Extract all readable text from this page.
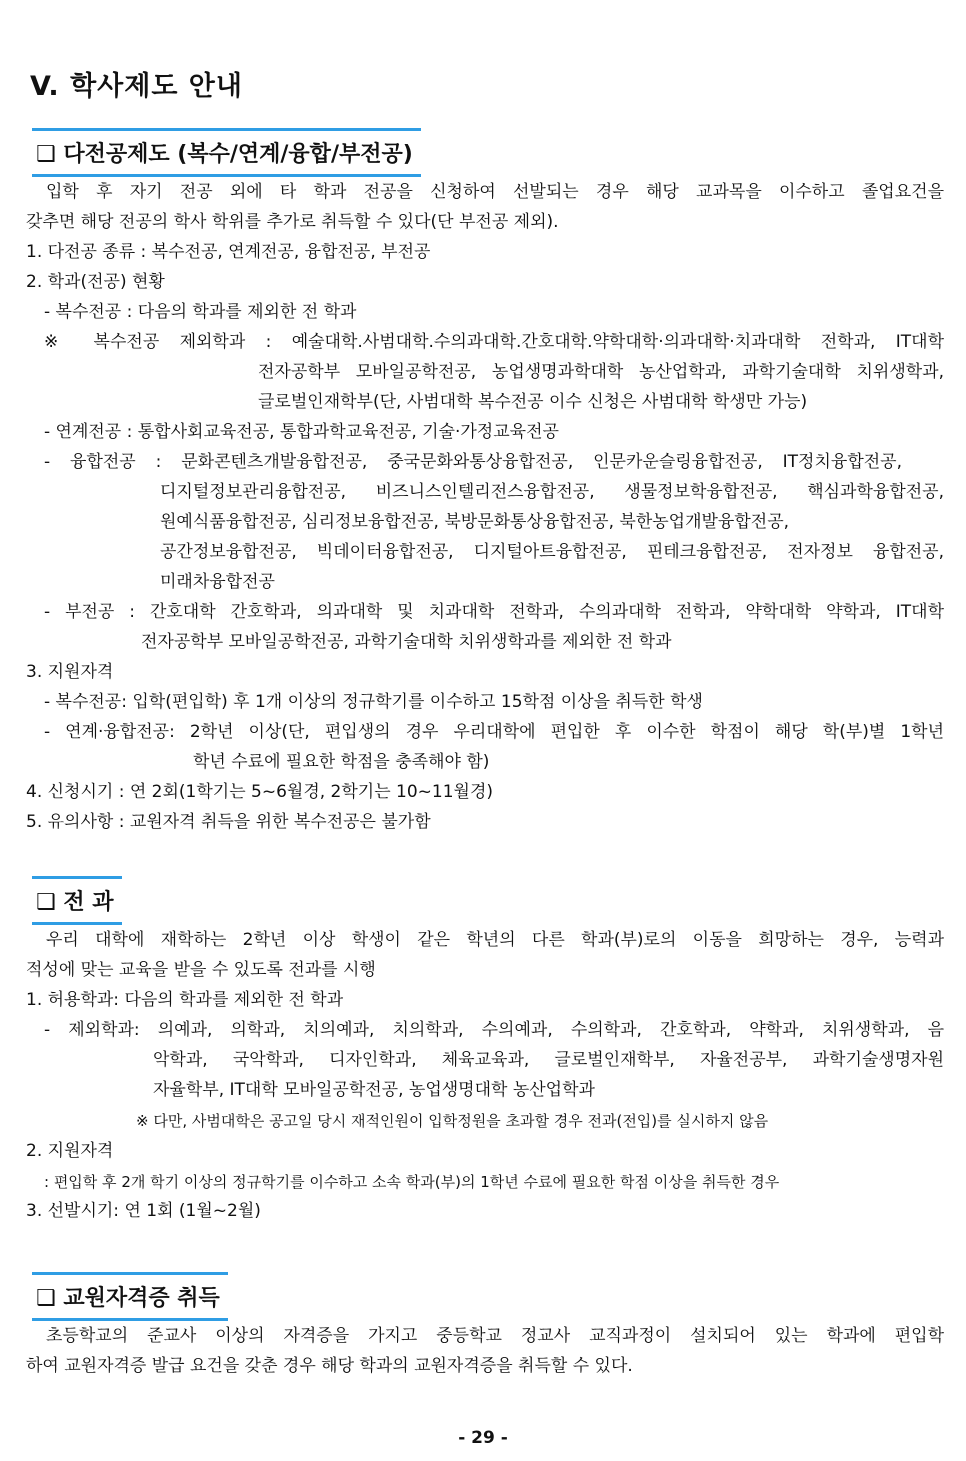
V. 학사제도 안내
❑ 다전공제도 (복수/연계/융합/부전공)
입학 후 자기 전공 외에 타 학과 전공을 신청하여 선발되는 경우 해당 교과목을 이수하고 졸업요건을
갖추면 해당 전공의 학사 학위를 추가로 취득할 수 있다(단 부전공 제외).
1. 다전공 종류 : 복수전공, 연계전공, 융합전공, 부전공
2. 학과(전공) 현황
- 복수전공 : 다음의 학과를 제외한 전 학과
※ 복수전공 제외학과 : 예술대학.사범대학.수의과대학.간호대학.약학대학·의과대학·치과대학 전학과, IT대학
전자공학부 모바일공학전공, 농업생명과학대학 농산업학과, 과학기술대학 치위생학과,
글로벌인재학부(단, 사범대학 복수전공 이수 신청은 사범대학 학생만 가능)
- 연계전공 : 통합사회교육전공, 통합과학교육전공, 기술·가정교육전공
- 융합전공 : 문화콘텐츠개발융합전공, 중국문화와통상융합전공, 인문카운슬링융합전공, IT정치융합전공,
디지털정보관리융합전공, 비즈니스인텔리전스융합전공, 생물정보학융합전공, 핵심과학융합전공,
원예식품융합전공, 심리정보융합전공, 북방문화통상융합전공, 북한농업개발융합전공,
공간정보융합전공, 빅데이터융합전공, 디지털아트융합전공, 핀테크융합전공, 전자정보 융합전공,
미래차융합전공
- 부전공 : 간호대학 간호학과, 의과대학 및 치과대학 전학과, 수의과대학 전학과, 약학대학 약학과, IT대학
전자공학부 모바일공학전공, 과학기술대학 치위생학과를 제외한 전 학과
3. 지원자격
- 복수전공: 입학(편입학) 후 1개 이상의 정규학기를 이수하고 15학점 이상을 취득한 학생
- 연계·융합전공: 2학년 이상(단, 편입생의 경우 우리대학에 편입한 후 이수한 학점이 해당 학(부)별 1학년
학년 수료에 필요한 학점을 충족해야 함)
4. 신청시기 : 연 2회(1학기는 5~6월경, 2학기는 10~11월경)
5. 유의사항 : 교원자격 취득을 위한 복수전공은 불가함
❑ 전 과
우리 대학에 재학하는 2학년 이상 학생이 같은 학년의 다른 학과(부)로의 이동을 희망하는 경우, 능력과
적성에 맞는 교육을 받을 수 있도록 전과를 시행
1. 허용학과: 다음의 학과를 제외한 전 학과
- 제외학과: 의예과, 의학과, 치의예과, 치의학과, 수의예과, 수의학과, 간호학과, 약학과, 치위생학과, 음
악학과, 국악학과, 디자인학과, 체육교육과, 글로벌인재학부, 자율전공부, 과학기술생명자원
자율학부, IT대학 모바일공학전공, 농업생명대학 농산업학과
※ 다만, 사범대학은 공고일 당시 재적인원이 입학정원을 초과할 경우 전과(전입)를 실시하지 않음
2. 지원자격
: 편입학 후 2개 학기 이상의 정규학기를 이수하고 소속 학과(부)의 1학년 수료에 필요한 학점 이상을 취득한 경우
3. 선발시기: 연 1회 (1월~2월)
❑ 교원자격증 취득
초등학교의 준교사 이상의 자격증을 가지고 중등학교 정교사 교직과정이 설치되어 있는 학과에 편입학
하여 교원자격증 발급 요건을 갖춘 경우 해당 학과의 교원자격증을 취득할 수 있다.
- 29 -
